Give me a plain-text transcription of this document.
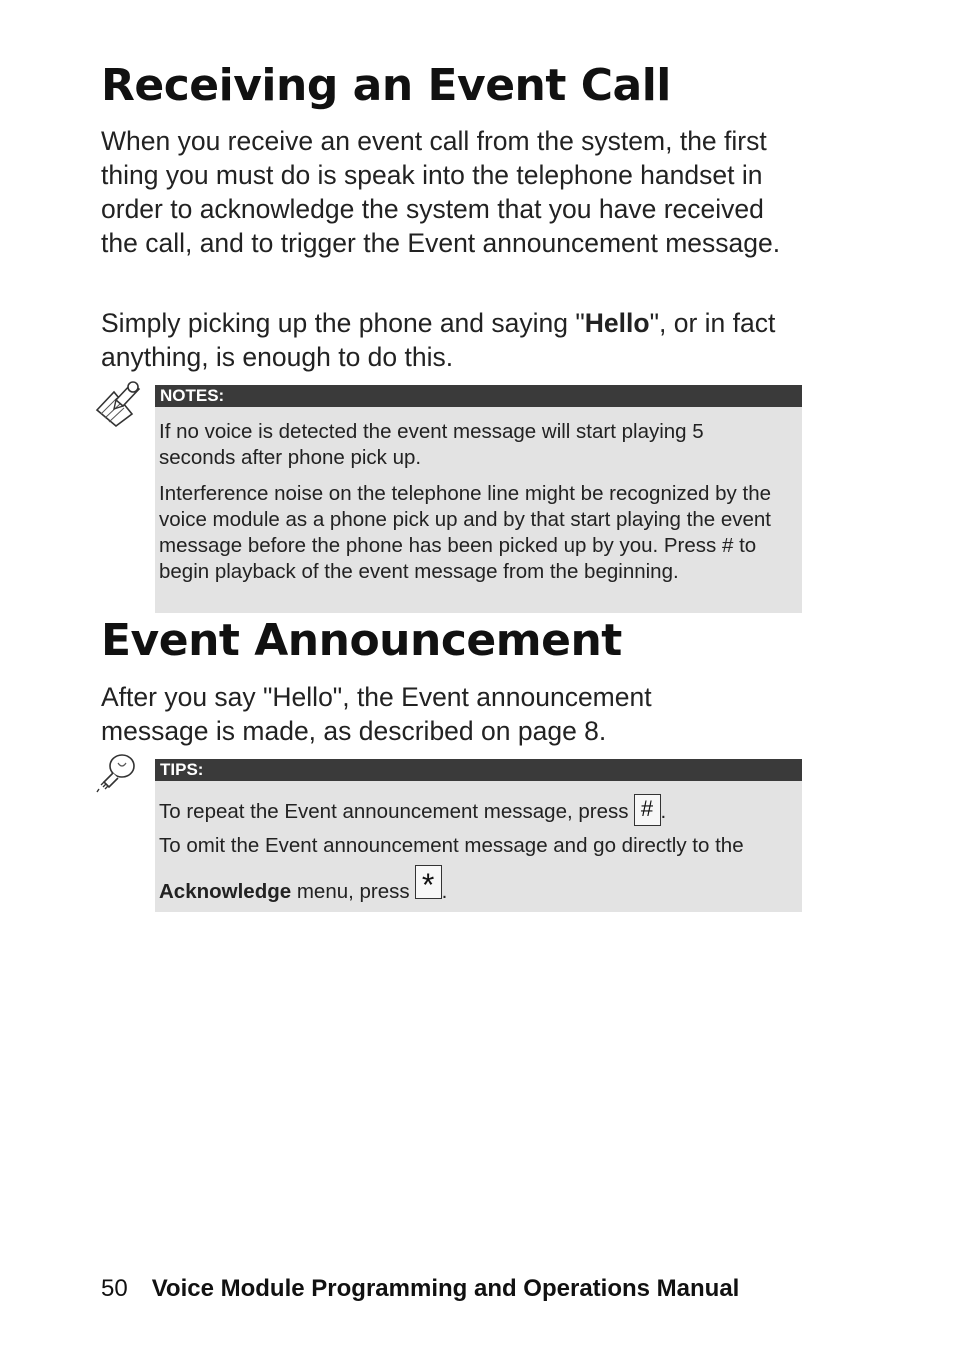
Receiving an Event Call

When you receive an event call from the system, the first thing you must do is speak into the telephone handset in order to acknowledge the system that you have received the call, and to trigger the Event announcement message.

Simply picking up the phone and saying "Hello", or in fact anything, is enough to do this.

NOTES:

If no voice is detected the event message will start playing 5 seconds after phone pick up.

Interference noise on the telephone line might be recognized by the voice module as a phone pick up and by that start playing the event message before the phone has been picked up by you. Press # to begin playback of the event message from the beginning.

Event Announcement

After you say "Hello", the Event announcement message is made, as described on page 8.

TIPS:

To repeat the Event announcement message, press # .

To omit the Event announcement message and go directly to the Acknowledge menu, press * .

50 Voice Module Programming and Operations Manual
